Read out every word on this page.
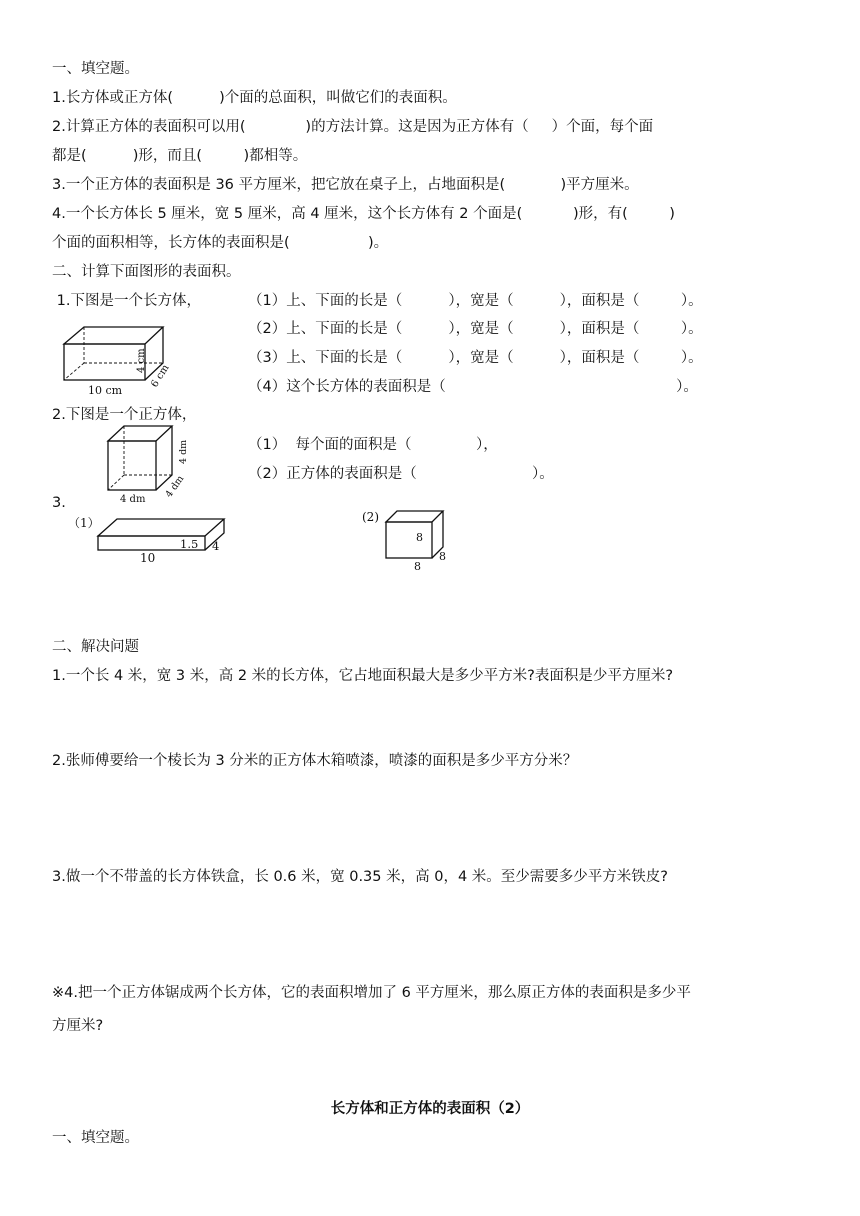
一、填空题。
1.长方体或正方体(          )个面的总面积，叫做它们的表面积。
2.计算正方体的表面积可以用(             )的方法计算。这是因为正方体有（     ）个面，每个面
都是(          )形，而且(         )都相等。
3.一个正方体的表面积是 36 平方厘米，把它放在桌子上，占地面积是(            )平方厘米。
4.一个长方体长 5 厘米，宽 5 厘米，高 4 厘米，这个长方体有 2 个面是(           )形，有(         )
个面的面积相等，长方体的表面积是(                 )。
二、计算下面图形的表面积。
1.下图是一个长方体，	（1）上、下面的长是（          ），宽是（          ），面积是（         ）。
（2）上、下面的长是（          ），宽是（          ），面积是（         ）。
（3）上、下面的长是（          ），宽是（          ），面积是（         ）。
（4）这个长方体的表面积是（                                                  ）。
10 cm
4 cm
6 cm
2.下图是一个正方体，
（1）  每个面的面积是（              ），
（2）正方体的表面积是（                         ）。
4 dm
4 dm
4 dm
3.
（1）
10
1.5 4
(2)
8
8
8
二、解决问题
1.一个长 4 米，宽 3 米，高 2 米的长方体，它占地面积最大是多少平方米?表面积是少平方厘米?
2.张师傅要给一个棱长为 3 分米的正方体木箱喷漆，喷漆的面积是多少平方分米？
3.做一个不带盖的长方体铁盒，长 0.6 米，宽 0.35 米，高 0，4 米。至少需要多少平方米铁皮?
※4.把一个正方体锯成两个长方体，它的表面积增加了 6 平方厘米，那么原正方体的表面积是多少平
方厘米?
长方体和正方体的表面积（2）
一、填空题。
